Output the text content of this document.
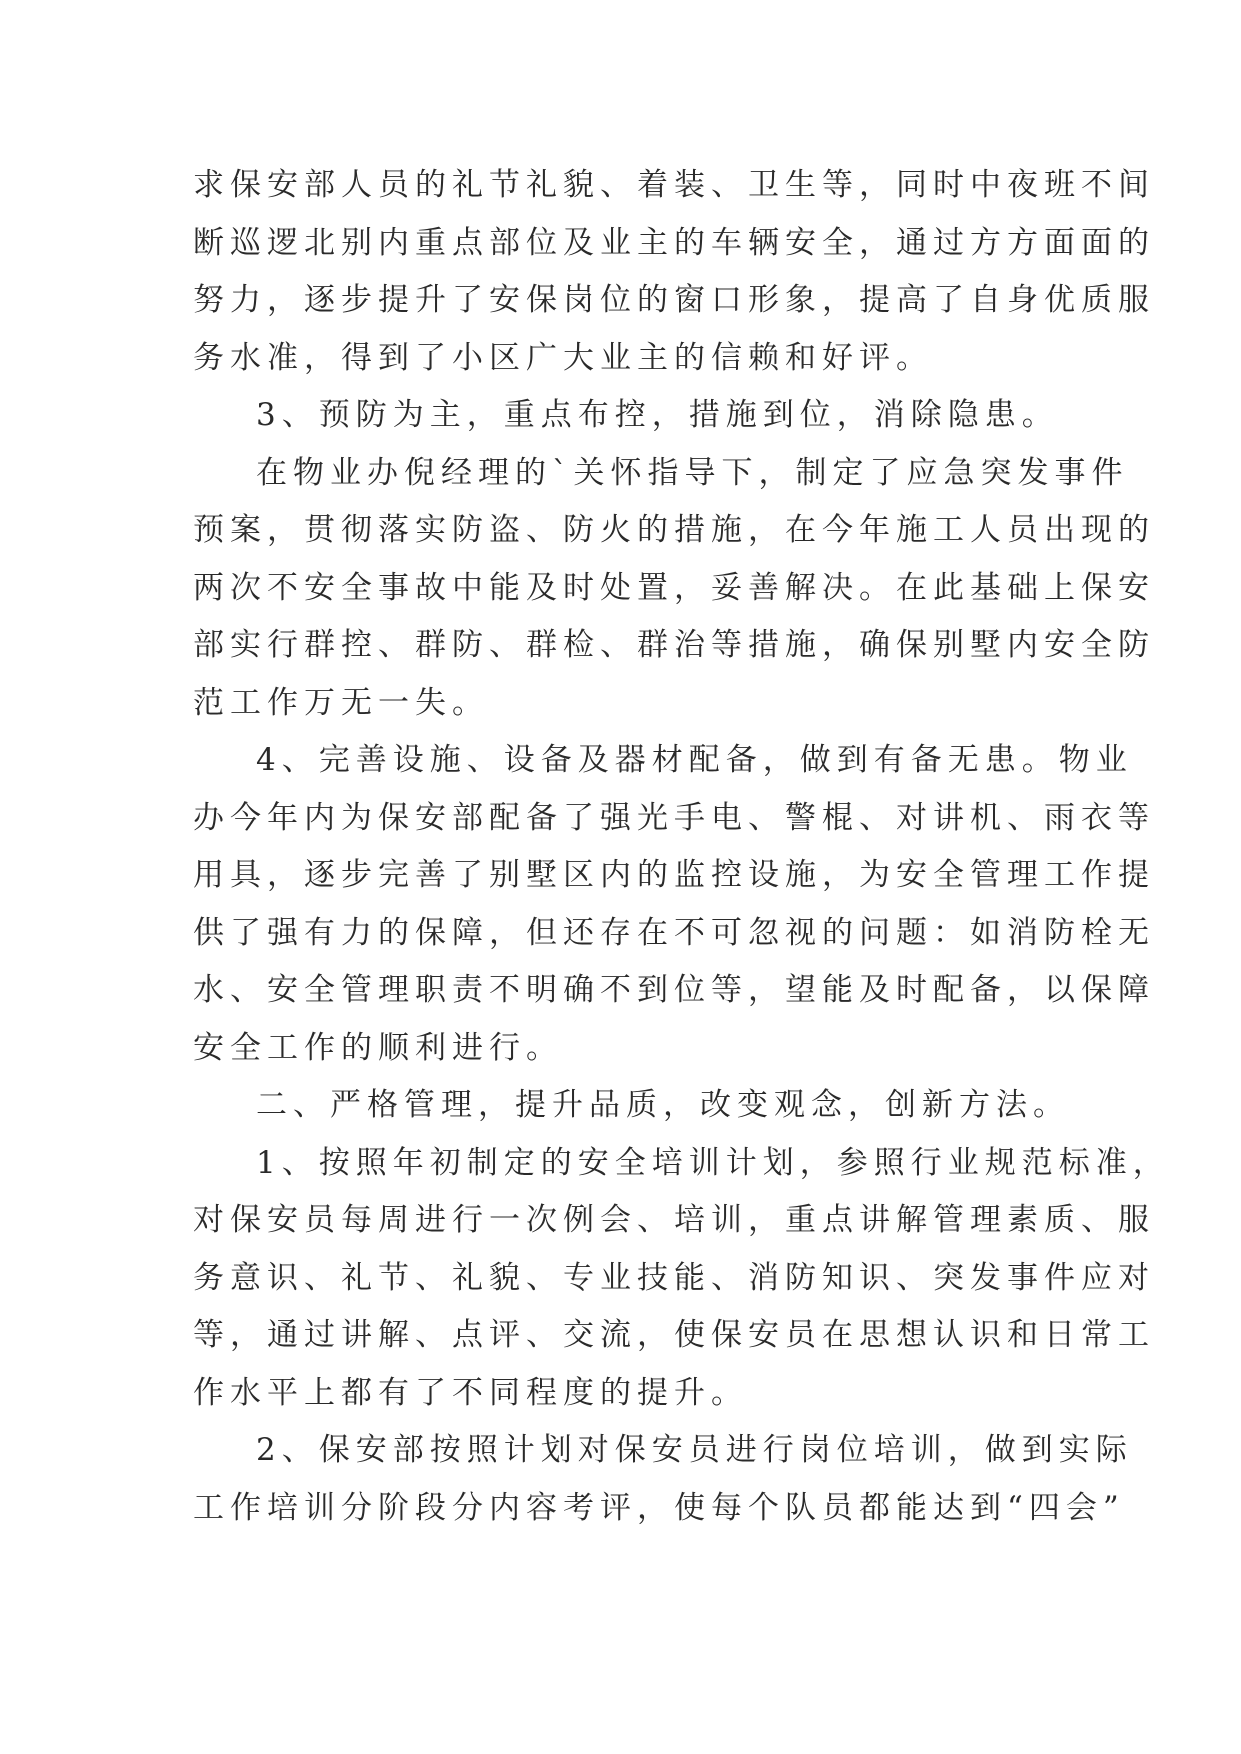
求保安部人员的礼节礼貌、着装、卫生等，同时中夜班不间
断巡逻北别内重点部位及业主的车辆安全，通过方方面面的
努力，逐步提升了安保岗位的窗口形象，提高了自身优质服
务水准，得到了小区广大业主的信赖和好评。
3、预防为主，重点布控，措施到位，消除隐患。
在物业办倪经理的`关怀指导下，制定了应急突发事件
预案，贯彻落实防盗、防火的措施，在今年施工人员出现的
两次不安全事故中能及时处置，妥善解决。在此基础上保安
部实行群控、群防、群检、群治等措施，确保别墅内安全防
范工作万无一失。
4、完善设施、设备及器材配备，做到有备无患。物业
办今年内为保安部配备了强光手电、警棍、对讲机、雨衣等
用具，逐步完善了别墅区内的监控设施，为安全管理工作提
供了强有力的保障，但还存在不可忽视的问题：如消防栓无
水、安全管理职责不明确不到位等，望能及时配备，以保障
安全工作的顺利进行。
二、严格管理，提升品质，改变观念，创新方法。
1、按照年初制定的安全培训计划，参照行业规范标准，
对保安员每周进行一次例会、培训，重点讲解管理素质、服
务意识、礼节、礼貌、专业技能、消防知识、突发事件应对
等，通过讲解、点评、交流，使保安员在思想认识和日常工
作水平上都有了不同程度的提升。
2、保安部按照计划对保安员进行岗位培训，做到实际
工作培训分阶段分内容考评，使每个队员都能达到“四会”
